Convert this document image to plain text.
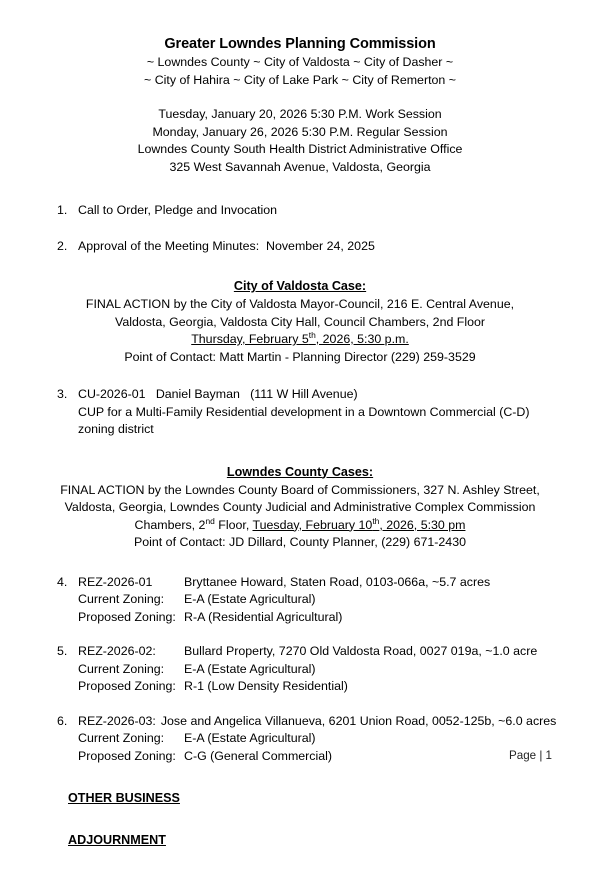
Greater Lowndes Planning Commission
~ Lowndes County ~ City of Valdosta ~ City of Dasher ~
~ City of Hahira ~ City of Lake Park ~ City of Remerton ~
Tuesday, January 20, 2026 5:30 P.M. Work Session
Monday, January 26, 2026 5:30 P.M. Regular Session
Lowndes County South Health District Administrative Office
325 West Savannah Avenue, Valdosta, Georgia
1. Call to Order, Pledge and Invocation
2. Approval of the Meeting Minutes:  November 24, 2025
City of Valdosta Case:
FINAL ACTION by the City of Valdosta Mayor-Council, 216 E. Central Avenue,
Valdosta, Georgia, Valdosta City Hall, Council Chambers, 2nd Floor
Thursday, February 5th, 2026, 5:30 p.m.
Point of Contact: Matt Martin - Planning Director (229) 259-3529
3. CU-2026-01   Daniel Bayman   (111 W Hill Avenue)
CUP for a Multi-Family Residential development in a Downtown Commercial (C-D)
zoning district
Lowndes County Cases:
FINAL ACTION by the Lowndes County Board of Commissioners, 327 N. Ashley Street,
Valdosta, Georgia, Lowndes County Judicial and Administrative Complex Commission
Chambers, 2nd Floor, Tuesday, February 10th, 2026, 5:30 pm
Point of Contact: JD Dillard, County Planner, (229) 671-2430
4. REZ-2026-01	Bryttanee Howard, Staten Road, 0103-066a, ~5.7 acres
Current Zoning: E-A (Estate Agricultural)
Proposed Zoning: R-A (Residential Agricultural)
5. REZ-2026-02: Bullard Property, 7270 Old Valdosta Road, 0027 019a, ~1.0 acre
Current Zoning: E-A (Estate Agricultural)
Proposed Zoning: R-1 (Low Density Residential)
6. REZ-2026-03: Jose and Angelica Villanueva, 6201 Union Road, 0052-125b, ~6.0 acres
Current Zoning: E-A (Estate Agricultural)
Proposed Zoning: C-G (General Commercial)
OTHER BUSINESS
ADJOURNMENT
Page | 1
